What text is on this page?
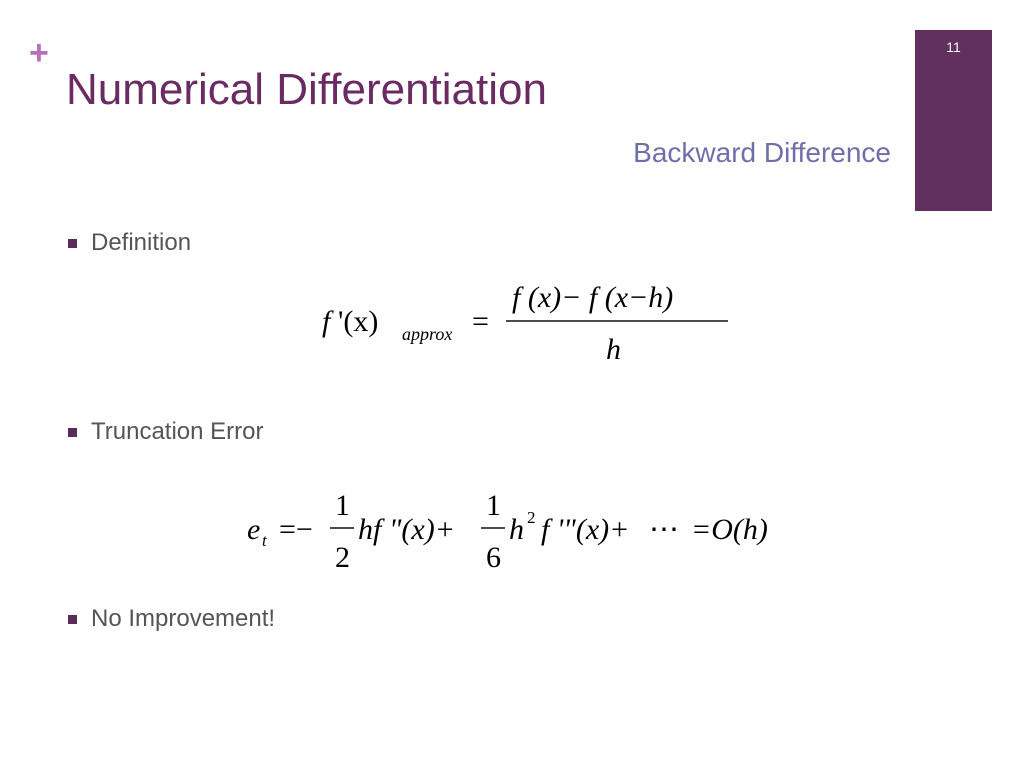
+
Numerical Differentiation
Backward Difference
11
Definition
f '(x) approx =
f (x)− f (x−h)
h
Truncation Error
e t =−
1
2
hf "(x)+
1
6
h 2 f '"(x)+ ⋯ =O(h)
No Improvement!
